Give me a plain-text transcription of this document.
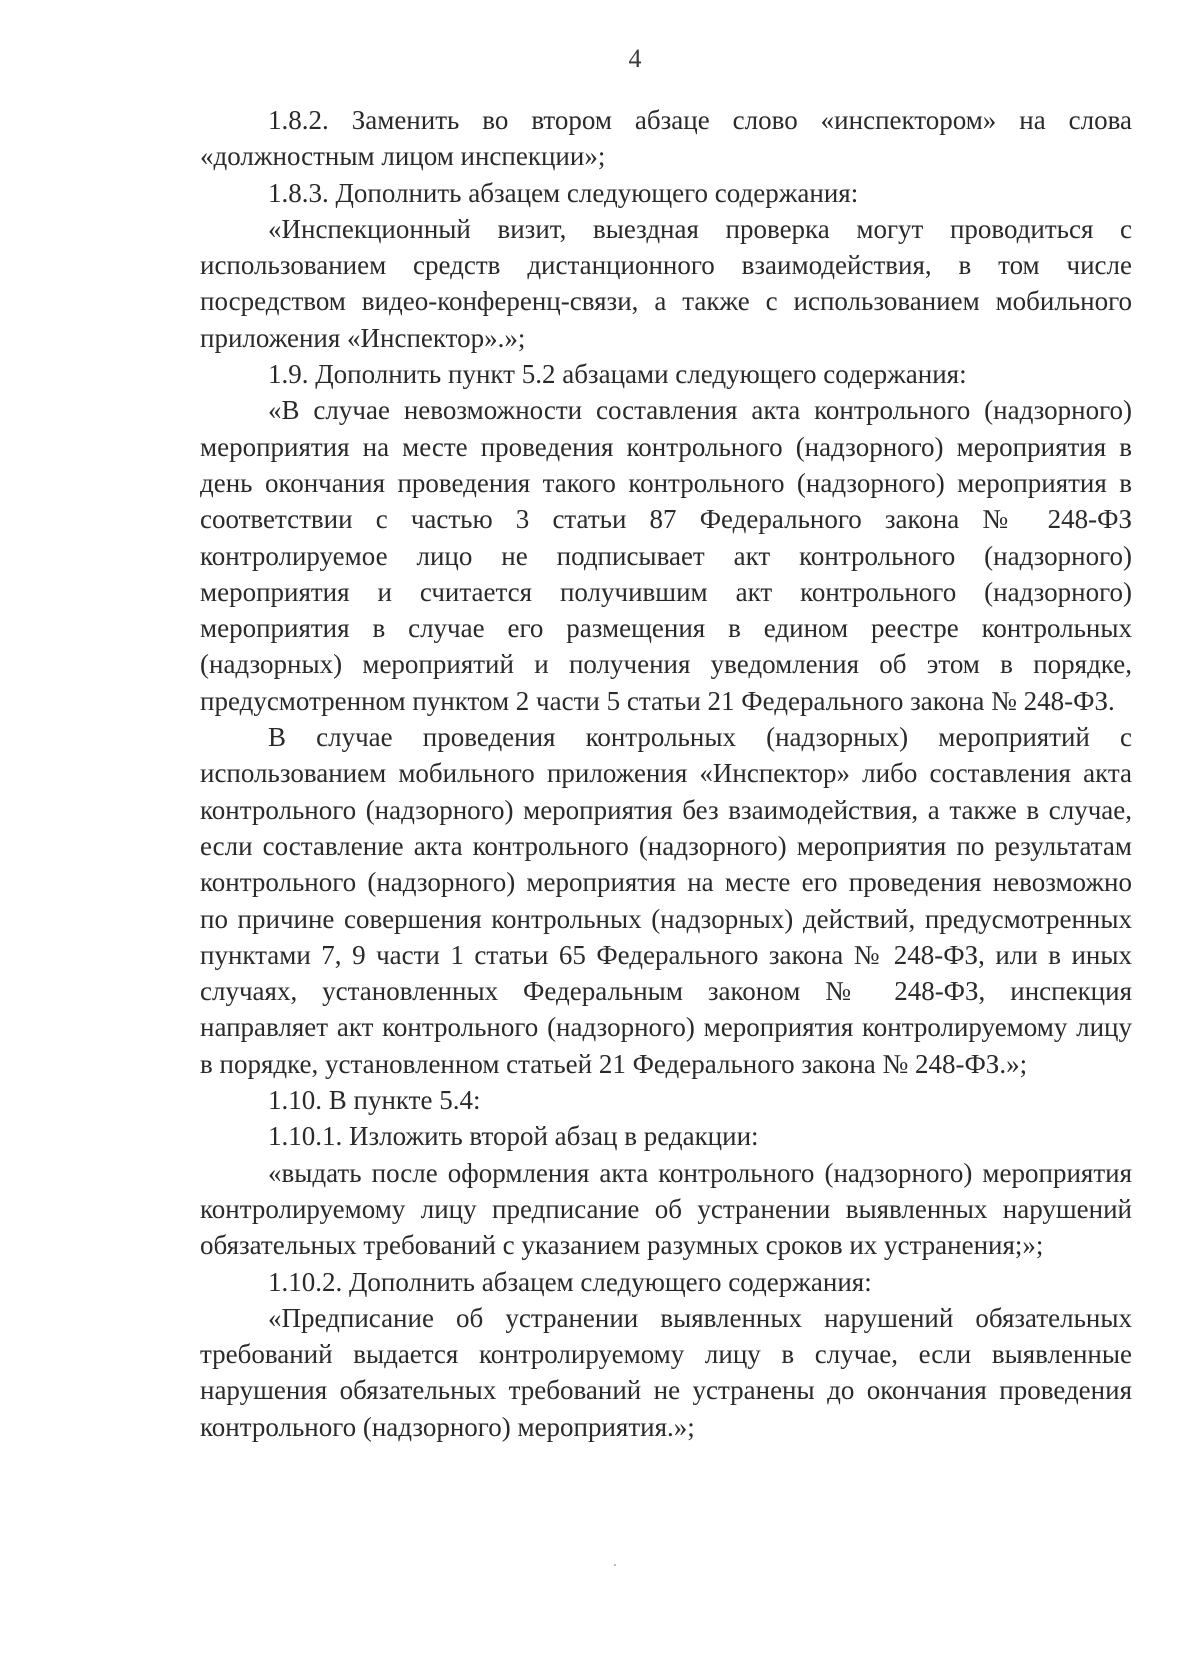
4

1.8.2. Заменить во втором абзаце слово «инспектором» на слова «должностным лицом инспекции»;

1.8.3. Дополнить абзацем следующего содержания:

«Инспекционный визит, выездная проверка могут проводиться с использованием средств дистанционного взаимодействия, в том числе посредством видео-конференц-связи, а также с использованием мобильного приложения «Инспектор».»;

1.9. Дополнить пункт 5.2 абзацами следующего содержания:

«В случае невозможности составления акта контрольного (надзорного) мероприятия на месте проведения контрольного (надзорного) мероприятия в день окончания проведения такого контрольного (надзорного) мероприятия в соответствии с частью 3 статьи 87 Федерального закона № 248-ФЗ контролируемое лицо не подписывает акт контрольного (надзорного) мероприятия и считается получившим акт контрольного (надзорного) мероприятия в случае его размещения в едином реестре контрольных (надзорных) мероприятий и получения уведомления об этом в порядке, предусмотренном пунктом 2 части 5 статьи 21 Федерального закона № 248-ФЗ.

В случае проведения контрольных (надзорных) мероприятий с использованием мобильного приложения «Инспектор» либо составления акта контрольного (надзорного) мероприятия без взаимодействия, а также в случае, если составление акта контрольного (надзорного) мероприятия по результатам контрольного (надзорного) мероприятия на месте его проведения невозможно по причине совершения контрольных (надзорных) действий, предусмотренных пунктами 7, 9 части 1 статьи 65 Федерального закона № 248-ФЗ, или в иных случаях, установленных Федеральным законом № 248-ФЗ, инспекция направляет акт контрольного (надзорного) мероприятия контролируемому лицу в порядке, установленном статьей 21 Федерального закона № 248-ФЗ.»;

1.10. В пункте 5.4:

1.10.1. Изложить второй абзац в редакции:

«выдать после оформления акта контрольного (надзорного) мероприятия контролируемому лицу предписание об устранении выявленных нарушений обязательных требований с указанием разумных сроков их устранения;»;

1.10.2. Дополнить абзацем следующего содержания:

«Предписание об устранении выявленных нарушений обязательных требований выдается контролируемому лицу в случае, если выявленные нарушения обязательных требований не устранены до окончания проведения контрольного (надзорного) мероприятия.»;
